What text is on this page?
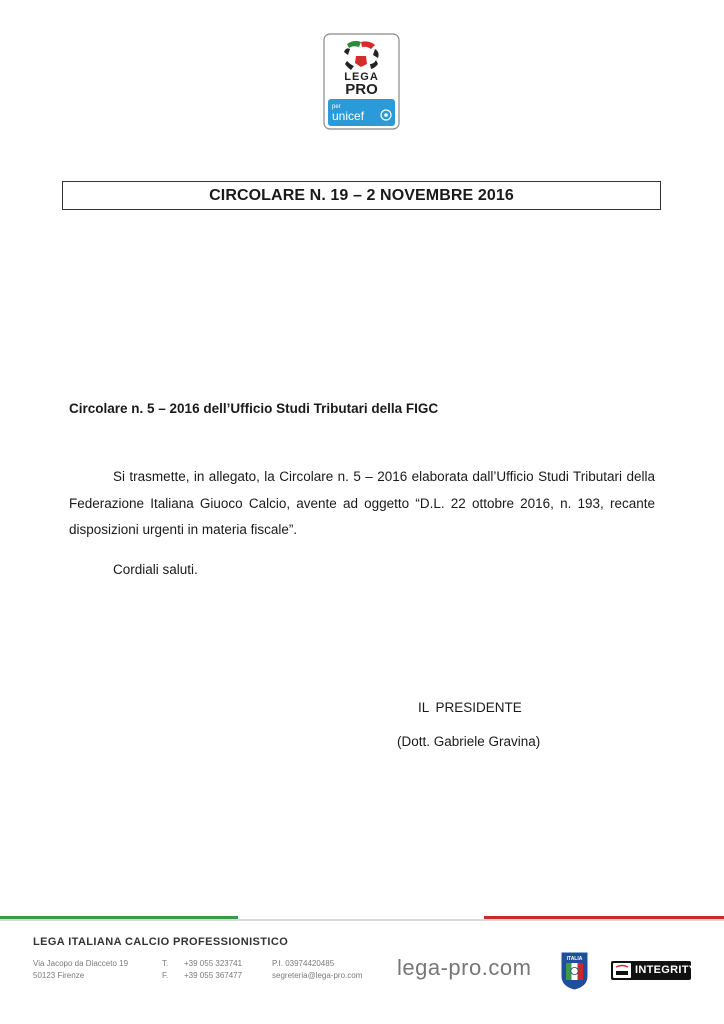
LEGA
PRO
per
unicef
CIRCOLARE N. 19 – 2 NOVEMBRE 2016
Circolare n. 5 – 2016 dell’Ufficio Studi Tributari della FIGC

Si trasmette, in allegato, la Circolare n. 5 – 2016 elaborata dall’Ufficio Studi Tributari della Federazione Italiana Giuoco Calcio, avente ad oggetto “D.L. 22 ottobre 2016, n. 193, recante disposizioni urgenti in materia fiscale”.

Cordiali saluti.
IL PRESIDENTE
(Dott. Gabriele Gravina)
LEGA ITALIANA CALCIO PROFESSIONISTICO
Via Jacopo da Diacceto 19
50123 Firenze
T.
F.
+39 055 323741
+39 055 367477
P.I. 03974420485
segreteria@lega-pro.com lega-pro.com	ITALIA
INTEGRITY
